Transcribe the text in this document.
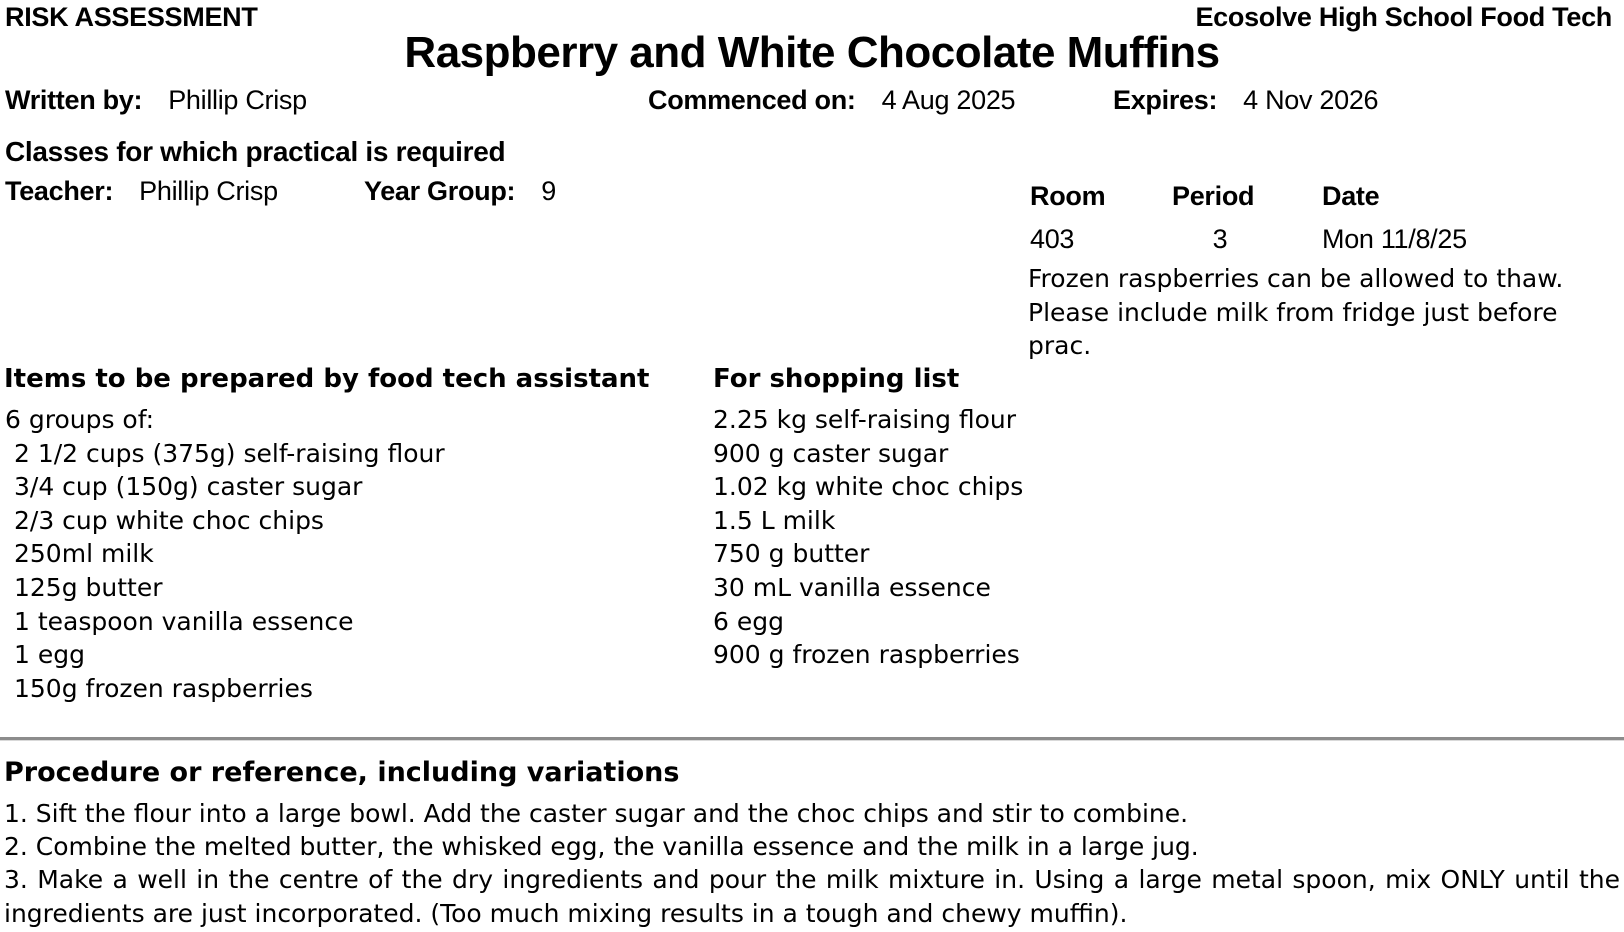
RISK ASSESSMENT	Ecosolve High School Food Tech
Raspberry and White Chocolate Muffins
Written by: Phillip Crisp	Commenced on: 4 Aug 2025	Expires: 4 Nov 2026
Classes for which practical is required
Teacher: Phillip Crisp	Year Group: 9	Room Period	Date
403	3	Mon 11/8/25
Frozen raspberries can be allowed to thaw. Please include milk from fridge just before prac.
Items to be prepared by food tech assistant For shopping list
6 groups of:
2 1/2 cups (375g) self-raising flour
3/4 cup (150g) caster sugar
2/3 cup white choc chips
250ml milk
125g butter
1 teaspoon vanilla essence
1 egg
150g frozen raspberries
2.25 kg self-raising flour
900 g caster sugar
1.02 kg white choc chips
1.5 L milk
750 g butter
30 mL vanilla essence
6 egg
900 g frozen raspberries
Procedure or reference, including variations
1. Sift the flour into a large bowl. Add the caster sugar and the choc chips and stir to combine.
2. Combine the melted butter, the whisked egg, the vanilla essence and the milk in a large jug.
3. Make a well in the centre of the dry ingredients and pour the milk mixture in. Using a large metal spoon, mix ONLY until the ingredients are just incorporated. (Too much mixing results in a tough and chewy muffin).
